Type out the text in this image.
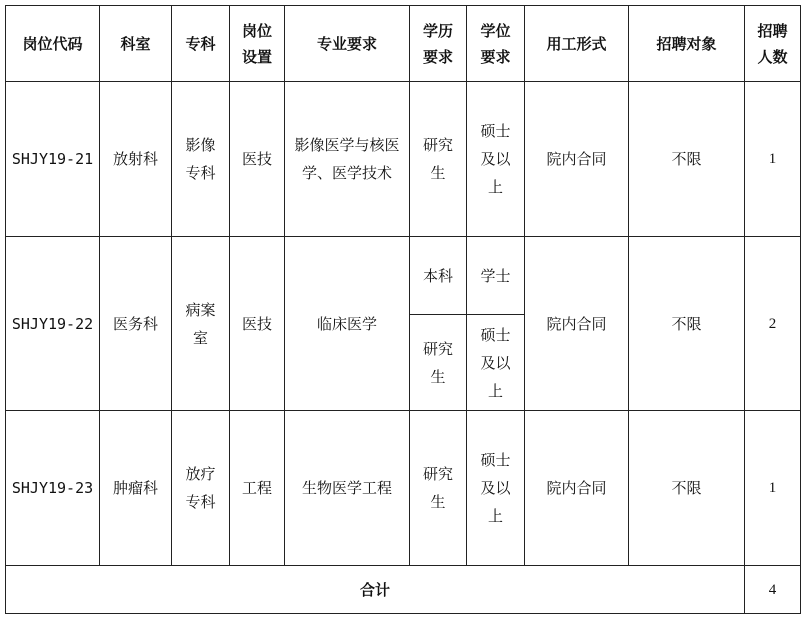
岗位代码	科室	专科	岗位设置	专业要求	学历要求	学位要求	用工形式	招聘对象	招聘人数
SHJY19-21	放射科	影像专科	医技	影像医学与核医学、医学技术	研究生	硕士及以上	院内合同	不限	1
SHJY19-22	医务科	病案室	医技	临床医学	本科	学士	院内合同	不限	2
					研究生	硕士及以上			
SHJY19-23	肿瘤科	放疗专科	工程	生物医学工程	研究生	硕士及以上	院内合同	不限	1
合计									4
